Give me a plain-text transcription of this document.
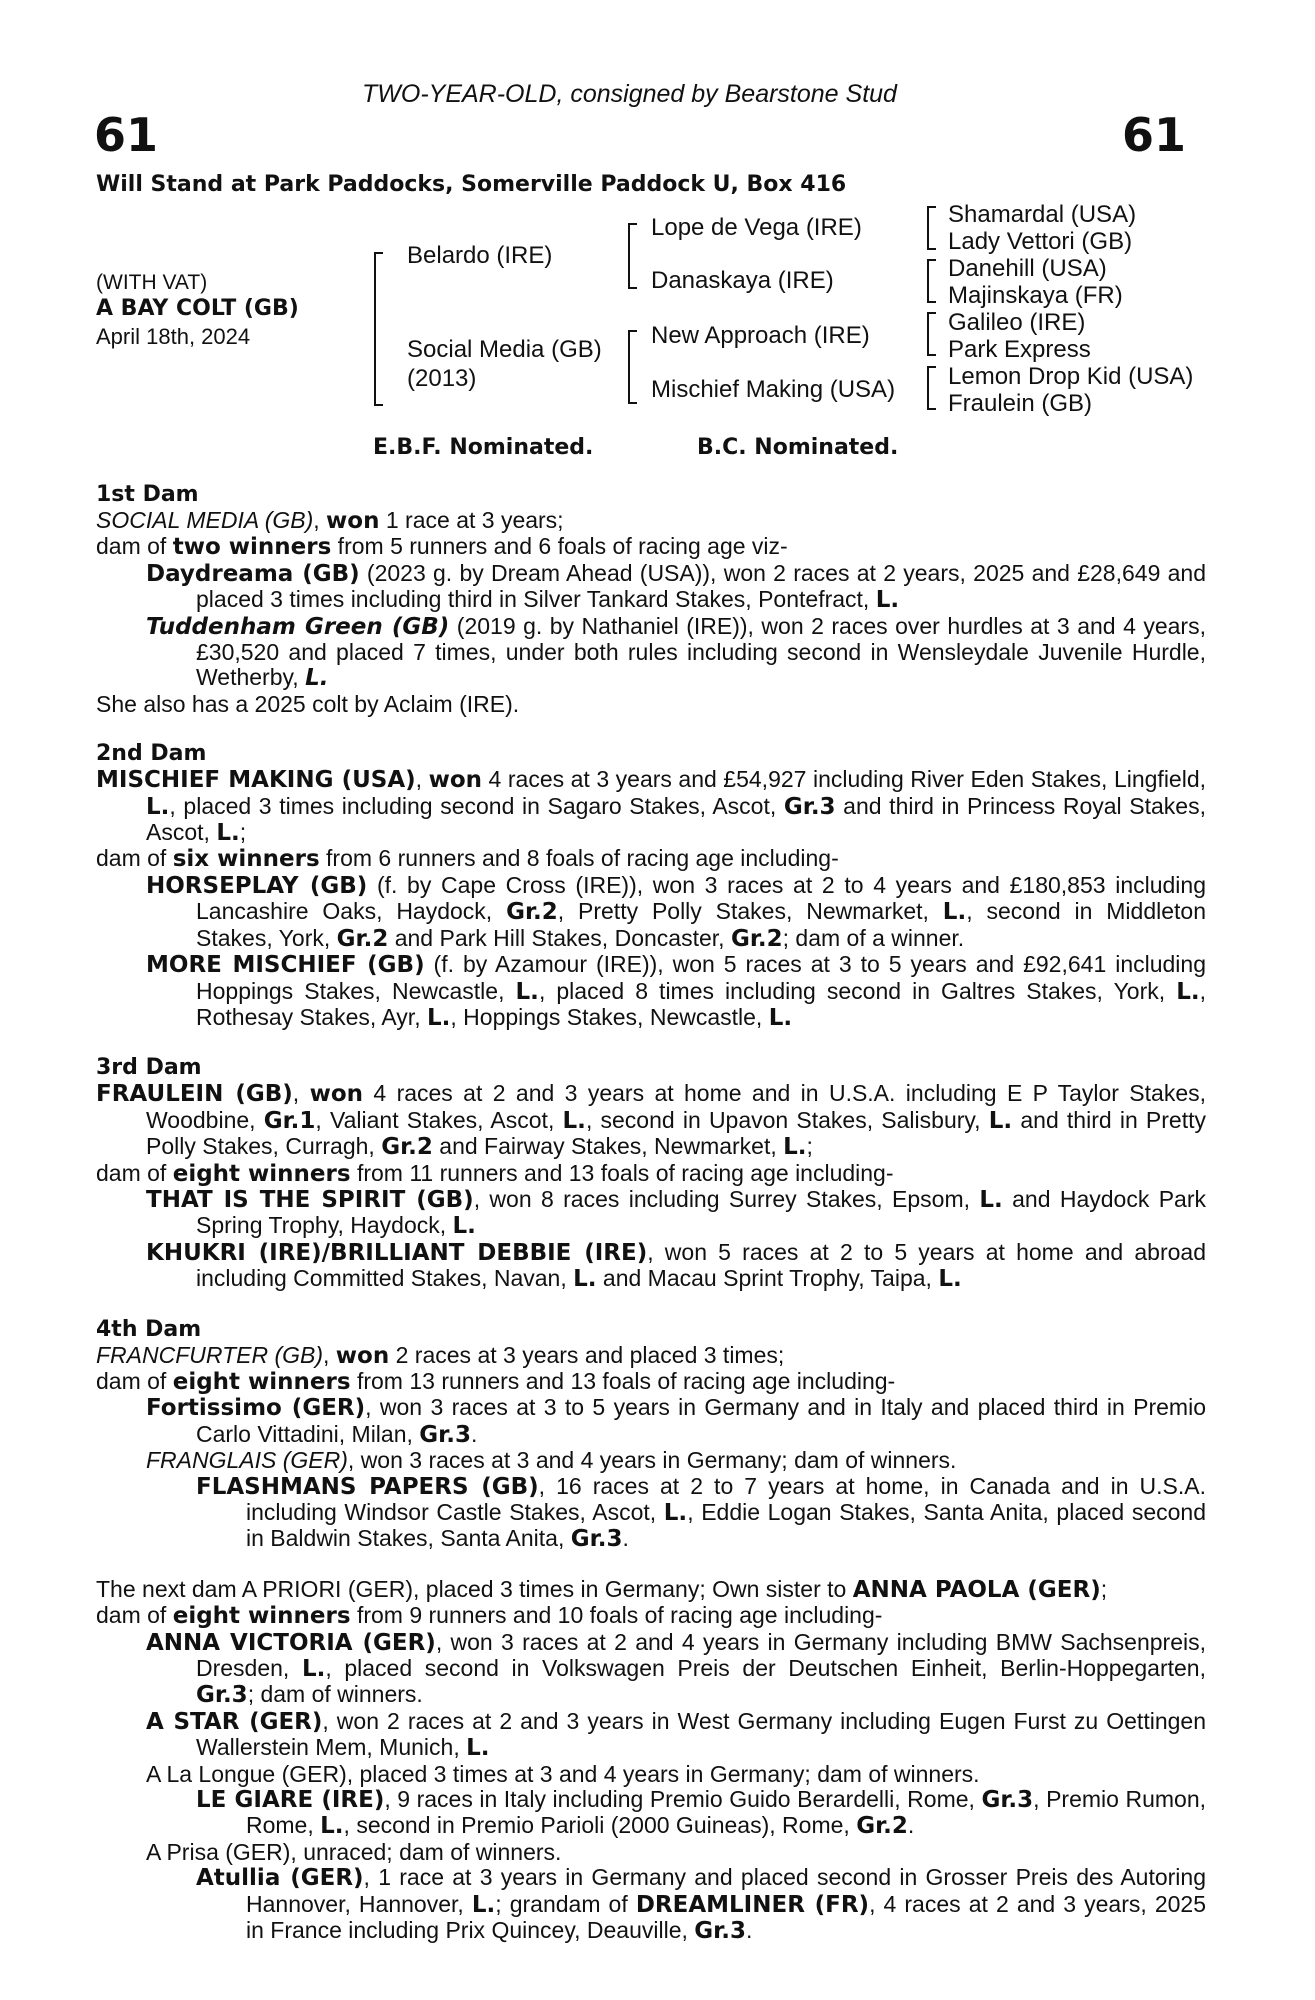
TWO-YEAR-OLD, consigned by Bearstone Stud
61	61
Will Stand at Park Paddocks, Somerville Paddock U, Box 416
(WITH VAT)
A BAY COLT (GB)
April 18th, 2024
Belardo (IRE)
Social Media (GB)
(2013)
Lope de Vega (IRE)
Danaskaya (IRE)
New Approach (IRE)
Mischief Making (USA)
Shamardal (USA)
Lady Vettori (GB)
Danehill (USA)
Majinskaya (FR)
Galileo (IRE)
Park Express
Lemon Drop Kid (USA)
Fraulein (GB)
E.B.F. Nominated.	B.C. Nominated.
1st Dam
SOCIAL MEDIA (GB), won 1 race at 3 years;
dam of two winners from 5 runners and 6 foals of racing age viz-
Daydreama (GB) (2023 g. by Dream Ahead (USA)), won 2 races at 2 years, 2025 and £28,649 and placed 3 times including third in Silver Tankard Stakes, Pontefract, L.
Tuddenham Green (GB) (2019 g. by Nathaniel (IRE)), won 2 races over hurdles at 3 and 4 years, £30,520 and placed 7 times, under both rules including second in Wensleydale Juvenile Hurdle, Wetherby, L.
She also has a 2025 colt by Aclaim (IRE).
2nd Dam
MISCHIEF MAKING (USA), won 4 races at 3 years and £54,927 including River Eden Stakes, Lingfield, L., placed 3 times including second in Sagaro Stakes, Ascot, Gr.3 and third in Princess Royal Stakes, Ascot, L.;
dam of six winners from 6 runners and 8 foals of racing age including-
HORSEPLAY (GB) (f. by Cape Cross (IRE)), won 3 races at 2 to 4 years and £180,853 including Lancashire Oaks, Haydock, Gr.2, Pretty Polly Stakes, Newmarket, L., second in Middleton Stakes, York, Gr.2 and Park Hill Stakes, Doncaster, Gr.2; dam of a winner.
MORE MISCHIEF (GB) (f. by Azamour (IRE)), won 5 races at 3 to 5 years and £92,641 including Hoppings Stakes, Newcastle, L., placed 8 times including second in Galtres Stakes, York, L., Rothesay Stakes, Ayr, L., Hoppings Stakes, Newcastle, L.
3rd Dam
FRAULEIN (GB), won 4 races at 2 and 3 years at home and in U.S.A. including E P Taylor Stakes, Woodbine, Gr.1, Valiant Stakes, Ascot, L., second in Upavon Stakes, Salisbury, L. and third in Pretty Polly Stakes, Curragh, Gr.2 and Fairway Stakes, Newmarket, L.;
dam of eight winners from 11 runners and 13 foals of racing age including-
THAT IS THE SPIRIT (GB), won 8 races including Surrey Stakes, Epsom, L. and Haydock Park Spring Trophy, Haydock, L.
KHUKRI (IRE)/BRILLIANT DEBBIE (IRE), won 5 races at 2 to 5 years at home and abroad including Committed Stakes, Navan, L. and Macau Sprint Trophy, Taipa, L.
4th Dam
FRANCFURTER (GB), won 2 races at 3 years and placed 3 times;
dam of eight winners from 13 runners and 13 foals of racing age including-
Fortissimo (GER), won 3 races at 3 to 5 years in Germany and in Italy and placed third in Premio Carlo Vittadini, Milan, Gr.3.
FRANGLAIS (GER), won 3 races at 3 and 4 years in Germany; dam of winners.
FLASHMANS PAPERS (GB), 16 races at 2 to 7 years at home, in Canada and in U.S.A. including Windsor Castle Stakes, Ascot, L., Eddie Logan Stakes, Santa Anita, placed second in Baldwin Stakes, Santa Anita, Gr.3.
The next dam A PRIORI (GER), placed 3 times in Germany; Own sister to ANNA PAOLA (GER);
dam of eight winners from 9 runners and 10 foals of racing age including-
ANNA VICTORIA (GER), won 3 races at 2 and 4 years in Germany including BMW Sachsenpreis, Dresden, L., placed second in Volkswagen Preis der Deutschen Einheit, Berlin-Hoppegarten, Gr.3; dam of winners.
A STAR (GER), won 2 races at 2 and 3 years in West Germany including Eugen Furst zu Oettingen Wallerstein Mem, Munich, L.
A La Longue (GER), placed 3 times at 3 and 4 years in Germany; dam of winners.
LE GIARE (IRE), 9 races in Italy including Premio Guido Berardelli, Rome, Gr.3, Premio Rumon, Rome, L., second in Premio Parioli (2000 Guineas), Rome, Gr.2.
A Prisa (GER), unraced; dam of winners.
Atullia (GER), 1 race at 3 years in Germany and placed second in Grosser Preis des Autoring Hannover, Hannover, L.; grandam of DREAMLINER (FR), 4 races at 2 and 3 years, 2025 in France including Prix Quincey, Deauville, Gr.3.
